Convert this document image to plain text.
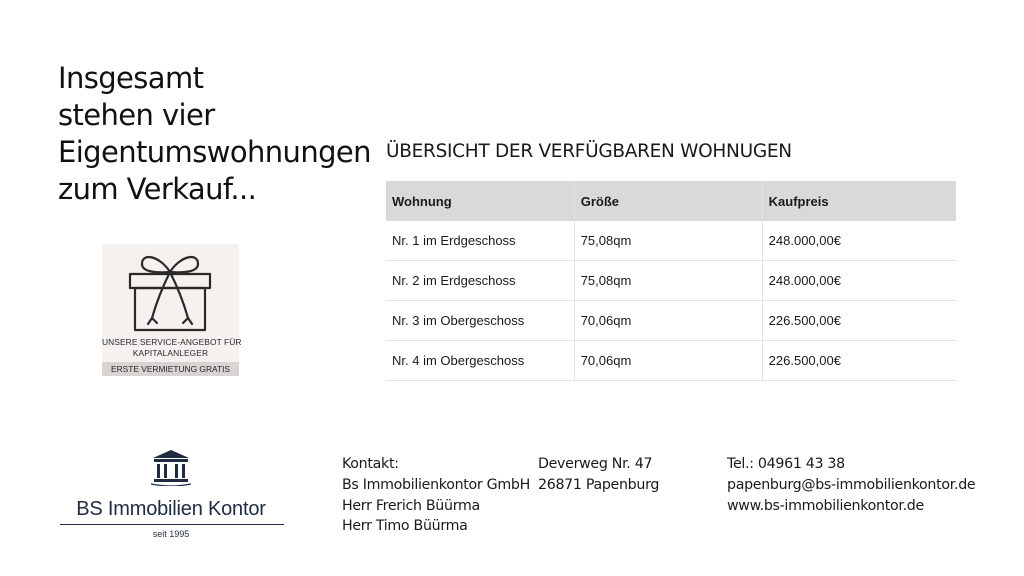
Insgesamt
stehen vier
Eigentumswohnungen
zum Verkauf...
UNSERE SERVICE-ANGEBOT FÜR
KAPITALANLEGER
ERSTE VERMIETUNG GRATIS
ÜBERSICHT DER VERFÜGBAREN WOHNUGEN
Wohnung	Größe	Kaufpreis
Nr. 1 im Erdgeschoss	75,08qm	248.000,00€
Nr. 2 im Erdgeschoss	75,08qm	248.000,00€
Nr. 3 im Obergeschoss	70,06qm	226.500,00€
Nr. 4 im Obergeschoss	70,06qm	226.500,00€
BS Immobilien Kontor
seit 1995
Kontakt:
Bs Immobilienkontor GmbH
Herr Frerich Büürma
Herr Timo Büürma
Deverweg Nr. 47
26871 Papenburg
Tel.: 04961 43 38
papenburg@bs-immobilienkontor.de
www.bs-immobilienkontor.de
